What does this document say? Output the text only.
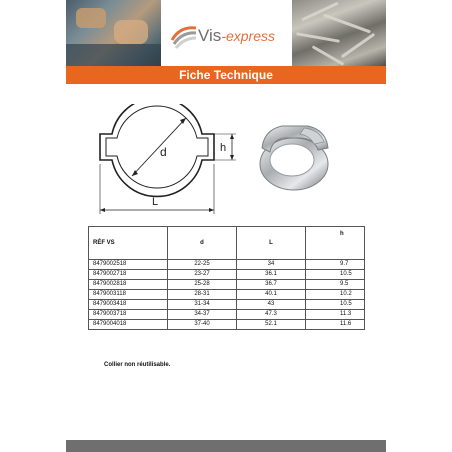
Vis-express
Fiche Technique
d	h
L
RÉF VS	d	L	h
8479002518	22-25	34	9.7
8479002718	23-27	36.1	10.5
8479002818	25-28	36.7	9.5
8479003118	28-31	40.1	10.2
8479003418	31-34	43	10.5
8479003718	34-37	47.3	11.3
8479004018	37-40	52.1	11.6
Collier non réutilisable.
